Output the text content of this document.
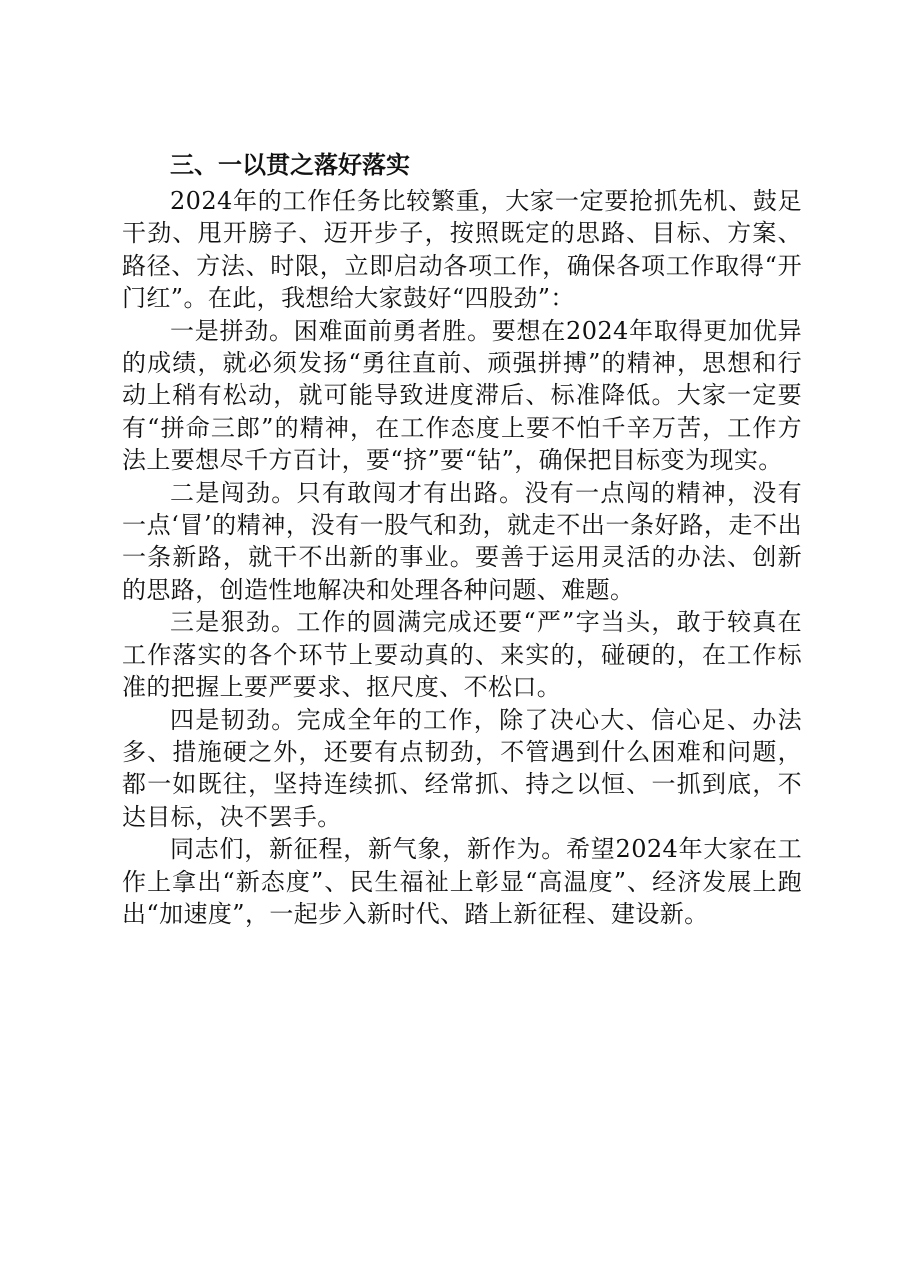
三、一以贯之落好落实

2024年的工作任务比较繁重，大家一定要抢抓先机、鼓足干劲、甩开膀子、迈开步子，按照既定的思路、目标、方案、路径、方法、时限，立即启动各项工作，确保各项工作取得“开门红”。在此，我想给大家鼓好“四股劲”：

一是拼劲。困难面前勇者胜。要想在2024年取得更加优异的成绩，就必须发扬“勇往直前、顽强拼搏”的精神，思想和行动上稍有松动，就可能导致进度滞后、标准降低。大家一定要有“拼命三郎”的精神，在工作态度上要不怕千辛万苦，工作方法上要想尽千方百计，要“挤”要“钻”，确保把目标变为现实。

二是闯劲。只有敢闯才有出路。没有一点闯的精神，没有一点‘冒’的精神，没有一股气和劲，就走不出一条好路，走不出一条新路，就干不出新的事业。要善于运用灵活的办法、创新的思路，创造性地解决和处理各种问题、难题。

三是狠劲。工作的圆满完成还要“严”字当头，敢于较真在工作落实的各个环节上要动真的、来实的，碰硬的，在工作标准的把握上要严要求、抠尺度、不松口。

四是韧劲。完成全年的工作，除了决心大、信心足、办法多、措施硬之外，还要有点韧劲，不管遇到什么困难和问题，都一如既往，坚持连续抓、经常抓、持之以恒、一抓到底，不达目标，决不罢手。

同志们，新征程，新气象，新作为。希望2024年大家在工作上拿出“新态度”、民生福祉上彰显“高温度”、经济发展上跑出“加速度”，一起步入新时代、踏上新征程、建设新。
